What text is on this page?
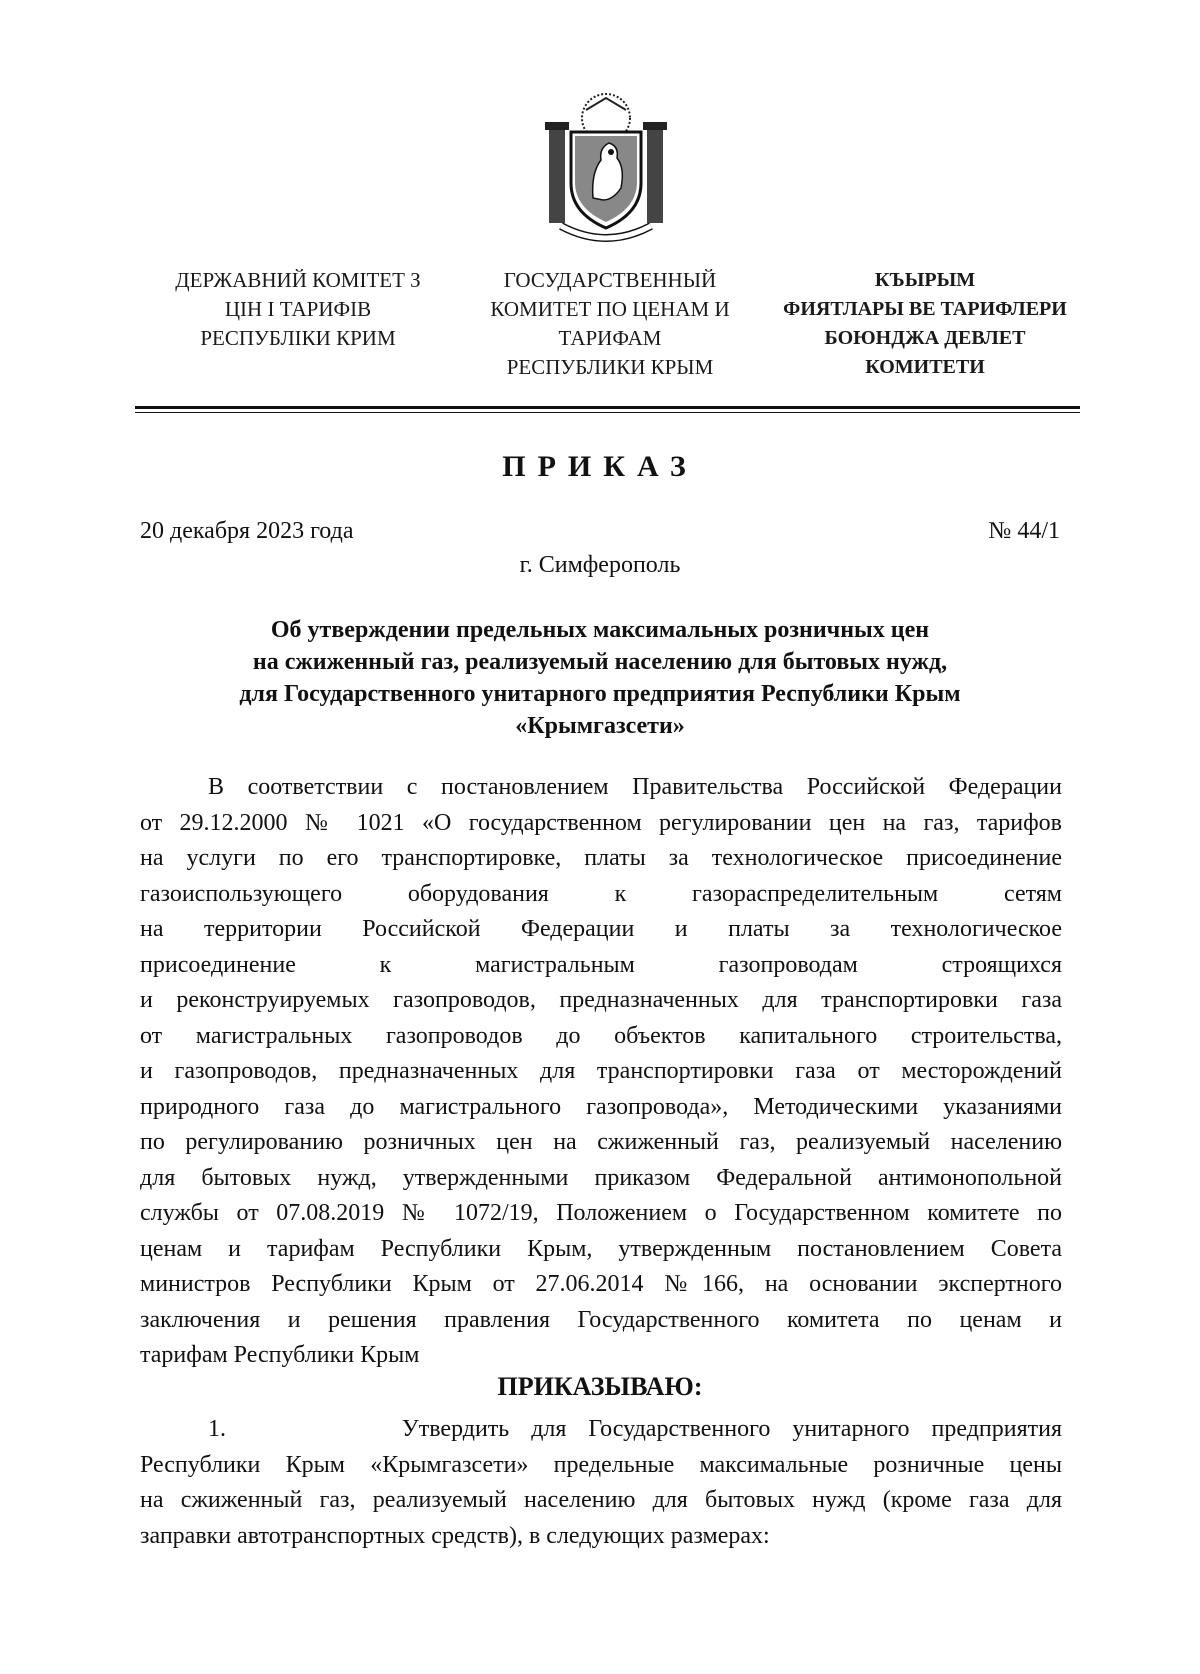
ДЕРЖАВНИЙ КОМІТЕТ З
ЦІН І ТАРИФІВ
РЕСПУБЛІКИ КРИМ
ГОСУДАРСТВЕННЫЙ
КОМИТЕТ ПО ЦЕНАМ И
ТАРИФАМ
РЕСПУБЛИКИ КРЫМ
КЪЫРЫМ
ФИЯТЛАРЫ ВЕ ТАРИФЛЕРИ
БОЮНДЖА ДЕВЛЕТ
КОМИТЕТИ
ПРИКАЗ
20 декабря 2023 года	№ 44/1
г. Симферополь
Об утверждении предельных максимальных розничных цен
на сжиженный газ, реализуемый населению для бытовых нужд,
для Государственного унитарного предприятия Республики Крым
«Крымгазсети»
В соответствии с постановлением Правительства Российской Федерации
от 29.12.2000 № 1021 «О государственном регулировании цен на газ, тарифов
на услуги по его транспортировке, платы за технологическое присоединение
газоиспользующего оборудования к газораспределительным сетям
на территории Российской Федерации и платы за технологическое
присоединение к магистральным газопроводам строящихся
и реконструируемых газопроводов, предназначенных для транспортировки газа
от магистральных газопроводов до объектов капитального строительства,
и газопроводов, предназначенных для транспортировки газа от месторождений
природного газа до магистрального газопровода», Методическими указаниями
по регулированию розничных цен на сжиженный газ, реализуемый населению
для бытовых нужд, утвержденными приказом Федеральной антимонопольной
службы от 07.08.2019 № 1072/19, Положением о Государственном комитете по
ценам и тарифам Республики Крым, утвержденным постановлением Совета
министров Республики Крым от 27.06.2014 №166, на основании экспертного
заключения и решения правления Государственного комитета по ценам и
тарифам Республики Крым
ПРИКАЗЫВАЮ:
1.        Утвердить для Государственного унитарного предприятия
Республики Крым «Крымгазсети» предельные максимальные розничные цены
на сжиженный газ, реализуемый населению для бытовых нужд (кроме газа для
заправки автотранспортных средств), в следующих размерах:
